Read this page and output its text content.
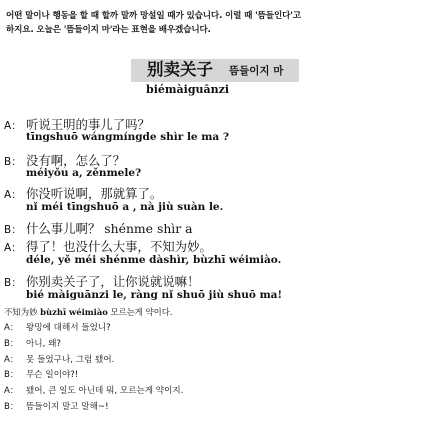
어떤 말이나 행동을 할 때 할까 말까 망설일 때가 있습니다. 이럴 때 '뜸들인다'고
하지요. 오늘은 '뜸들이지 마'라는 표현을 배우겠습니다.
别卖关子 뜸들이지 마
biémàiguānzi
A： 听说王明的事儿了吗？
tīngshuō wángmíngde shìr le ma ?
B： 没有啊，怎么了？
méiyǒu a, zěnmele?
A： 你没听说啊，那就算了。
nǐ méi tīngshuō a , nà jiù suàn le.
B： 什么事儿啊？ shénme shìr a
A： 得了！也没什么大事，不知为妙。
déle, yě méi shénme dàshìr, bùzhī wéimiào.
B： 你别卖关子了，让你说就说嘛！
bié màiguānzi le, ràng nǐ shuō jiù shuō ma!
不知为妙 bùzhī wéimiào 모르는게 약이다.
A： 왕밍에 대해서 들었니?
B： 아니, 왜?
A： 못 들었구나, 그럼 됐어.
B： 무슨 일이야?!
A： 됐어, 큰 일도 아닌데 뭐, 모르는게 약이지.
B： 뜸들이지 말고 말해~!
